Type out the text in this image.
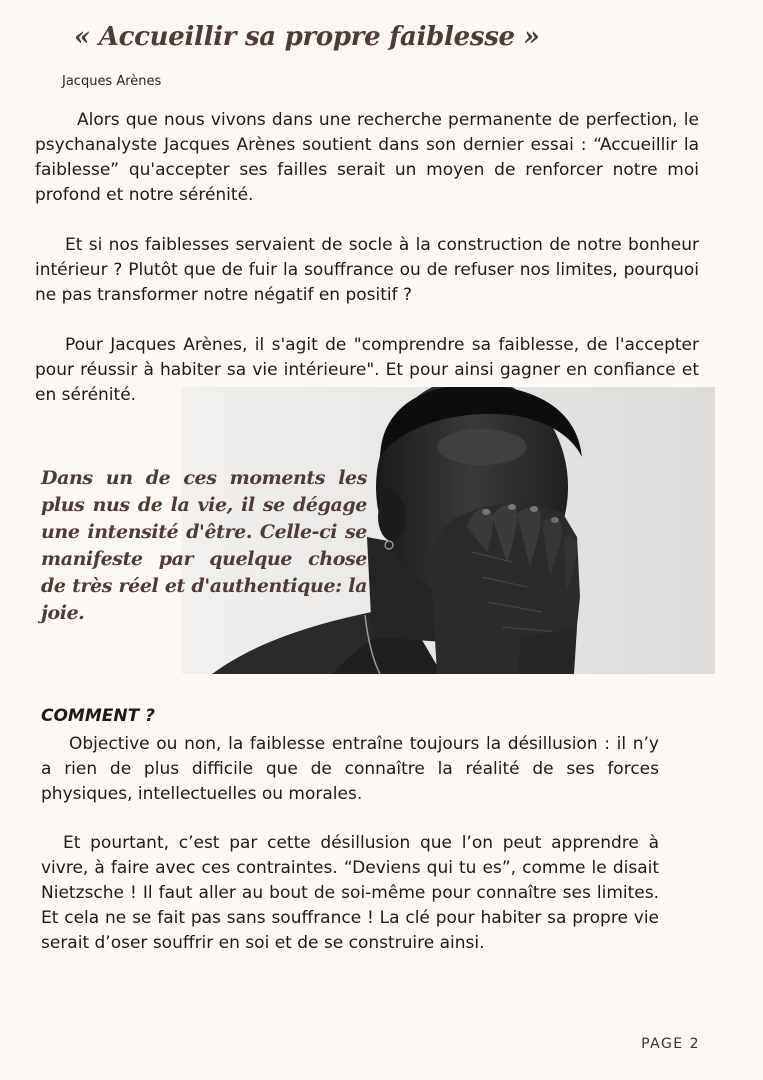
« Accueillir sa propre faiblesse »
Jacques Arènes

Alors que nous vivons dans une recherche permanente de perfection, le psychanalyste Jacques Arènes soutient dans son dernier essai : “Accueillir la faiblesse” qu'accepter ses failles serait un moyen de renforcer notre moi profond et notre sérénité.

Et si nos faiblesses servaient de socle à la construction de notre bonheur intérieur ? Plutôt que de fuir la souffrance ou de refuser nos limites, pourquoi ne pas transformer notre négatif en positif ?

Pour Jacques Arènes, il s'agit de "comprendre sa faiblesse, de l'accepter pour réussir à habiter sa vie intérieure". Et pour ainsi gagner en confiance et en sérénité.

Dans un de ces moments les plus nus de la vie, il se dégage une intensité d'être. Celle-ci se manifeste par quelque chose de très réel et d'authentique: la joie.
COMMENT ?

Objective ou non, la faiblesse entraîne toujours la désillusion : il n’y a rien de plus difficile que de connaître la réalité de ses forces physiques, intellectuelles ou morales.

Et pourtant, c’est par cette désillusion que l’on peut apprendre à vivre, à faire avec ces contraintes. “Deviens qui tu es”, comme le disait Nietzsche ! Il faut aller au bout de soi-même pour connaître ses limites. Et cela ne se fait pas sans souffrance ! La clé pour habiter sa propre vie serait d’oser souffrir en soi et de se construire ainsi.

PAGE 2
